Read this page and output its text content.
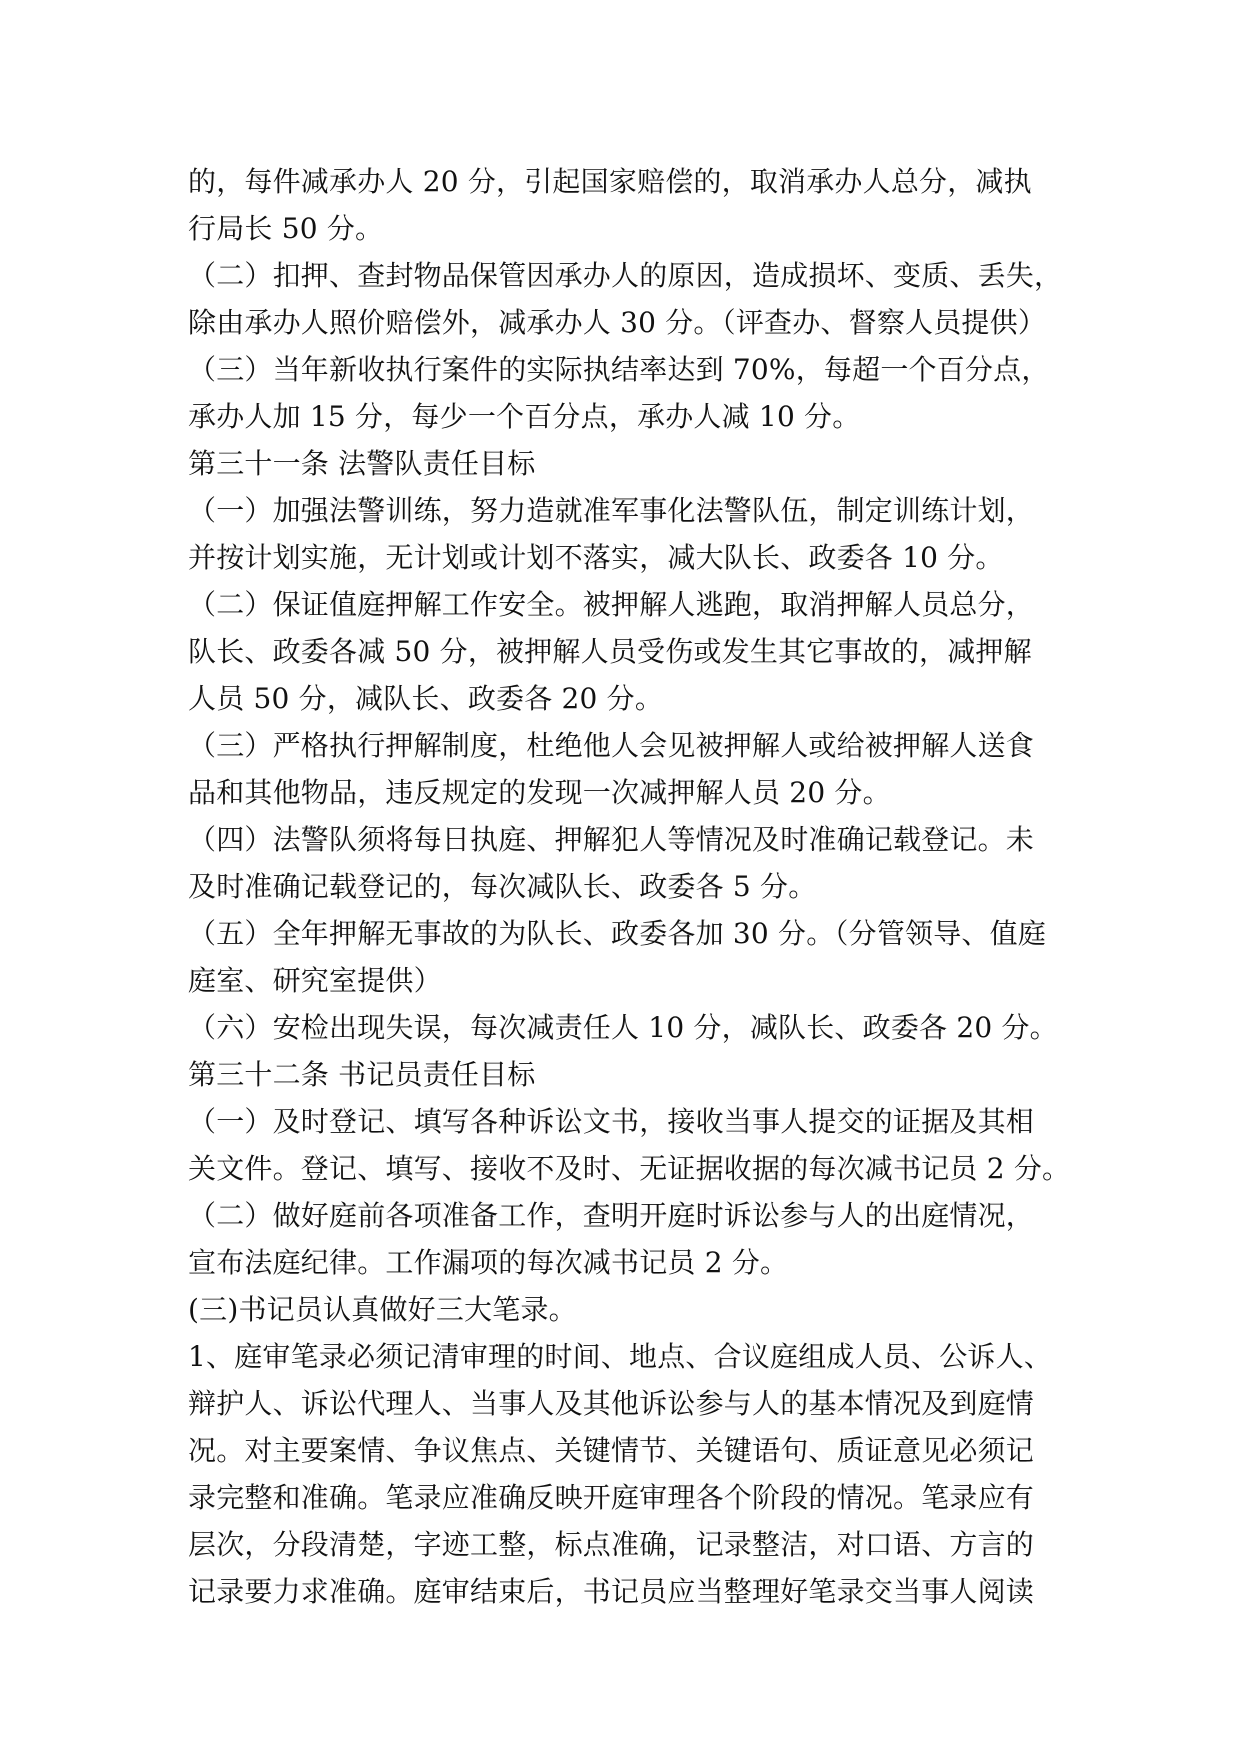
的，每件减承办人 20 分，引起国家赔偿的，取消承办人总分，减执
行局长 50 分。
（二）扣押、查封物品保管因承办人的原因，造成损坏、变质、丢失，
除由承办人照价赔偿外，减承办人 30 分。（评查办、督察人员提供）
（三）当年新收执行案件的实际执结率达到 70%，每超一个百分点，
承办人加 15 分，每少一个百分点，承办人减 10 分。
第三十一条 法警队责任目标
（一）加强法警训练，努力造就准军事化法警队伍，制定训练计划，
并按计划实施，无计划或计划不落实，减大队长、政委各 10 分。
（二）保证值庭押解工作安全。被押解人逃跑，取消押解人员总分，
队长、政委各减 50 分，被押解人员受伤或发生其它事故的，减押解
人员 50 分，减队长、政委各 20 分。
（三）严格执行押解制度，杜绝他人会见被押解人或给被押解人送食
品和其他物品，违反规定的发现一次减押解人员 20 分。
（四）法警队须将每日执庭、押解犯人等情况及时准确记载登记。未
及时准确记载登记的，每次减队长、政委各 5 分。
（五）全年押解无事故的为队长、政委各加 30 分。（分管领导、值庭
庭室、研究室提供）
（六）安检出现失误，每次减责任人 10 分，减队长、政委各 20 分。
第三十二条 书记员责任目标
（一）及时登记、填写各种诉讼文书，接收当事人提交的证据及其相
关文件。登记、填写、接收不及时、无证据收据的每次减书记员 2 分。
（二）做好庭前各项准备工作，查明开庭时诉讼参与人的出庭情况，
宣布法庭纪律。工作漏项的每次减书记员 2 分。
(三)书记员认真做好三大笔录。
1、庭审笔录必须记清审理的时间、地点、合议庭组成人员、公诉人、
辩护人、诉讼代理人、当事人及其他诉讼参与人的基本情况及到庭情
况。对主要案情、争议焦点、关键情节、关键语句、质证意见必须记
录完整和准确。笔录应准确反映开庭审理各个阶段的情况。笔录应有
层次，分段清楚，字迹工整，标点准确，记录整洁，对口语、方言的
记录要力求准确。庭审结束后，书记员应当整理好笔录交当事人阅读
